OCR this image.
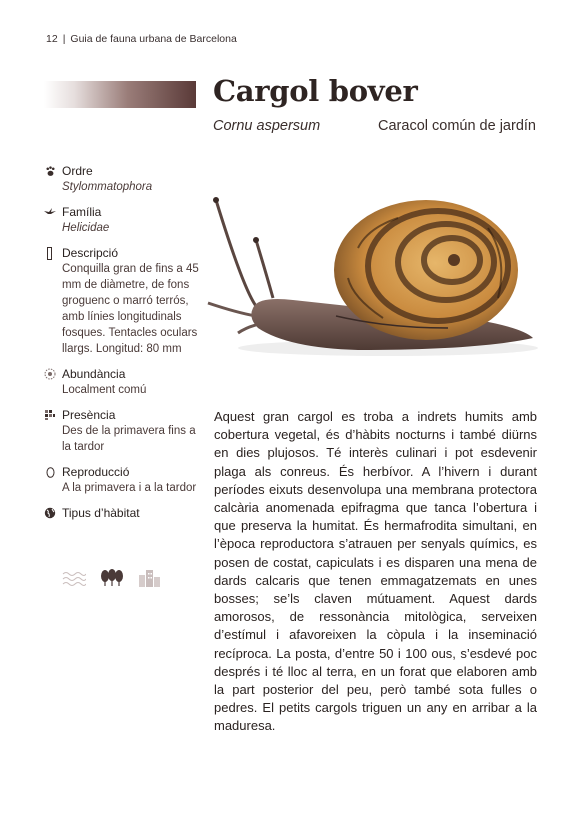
12 | Guia de fauna urbana de Barcelona
Cargol bover
Cornu aspersum	Caracol común de jardín
Ordre
Stylommatophora
Família
Helicidae
Descripció
Conquilla gran de fins a 45 mm de diàmetre, de fons groguenc o marró terrós, amb línies longitudinals fosques. Tentacles oculars llargs. Longitud: 80 mm
Abundància
Localment comú
Presència
Des de la primavera fins a la tardor
Reproducció
A la primavera i a la tardor
Tipus d’hàbitat
Aquest gran cargol es troba a indrets humits amb cobertura vegetal, és d’hàbits nocturns i també diürns en dies plujosos. Té interès culinari i pot esdevenir plaga als conreus. És herbívor. A l’hivern i durant períodes eixuts desenvolupa una membrana protectora calcària anomenada epifragma que tanca l’obertura i que preserva la humitat. És hermafrodita simultani, en l’època reproductora s’atrauen per senyals químics, es posen de costat, capiculats i es disparen una mena de dards calcaris que tenen emmagatzemats en unes bosses; se’ls claven mútuament. Aquest dards amorosos, de ressonància mitològica, serveixen d’estímul i afavoreixen la còpula i la inseminació recíproca. La posta, d’entre 50 i 100 ous, s’esdevé poc després i té lloc al terra, en un forat que elaboren amb la part posterior del peu, però també sota fulles o pedres. El petits cargols triguen un any en arribar a la maduresa.
